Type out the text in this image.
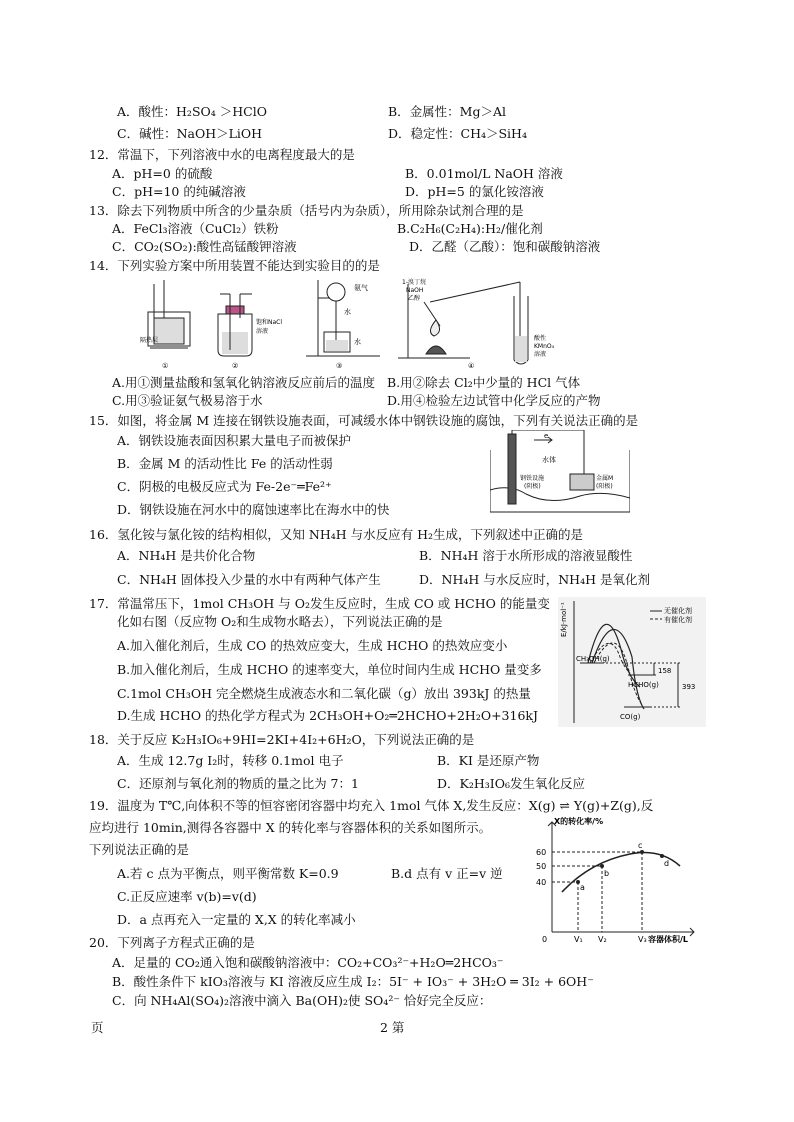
A．酸性：H₂SO₄ ＞HClO	B．金属性：Mg＞Al
C．碱性：NaOH＞LiOH	D．稳定性：CH₄＞SiH₄
12．常温下，下列溶液中水的电离程度最大的是
A．pH=0 的硫酸	B．0.01mol/L NaOH 溶液
C．pH=10 的纯碱溶液	D．pH=5 的氯化铵溶液
13．除去下列物质中所含的少量杂质（括号内为杂质），所用除杂试剂合理的是
A．FeCl₃溶液（CuCl₂）铁粉	B.C₂H₆(C₂H₄):H₂/催化剂
C．CO₂(SO₂):酸性高锰酸钾溶液	D．乙醛（乙酸）：饱和碳酸钠溶液
14．下列实验方案中所用装置不能达到实验目的的是
隔热层
①
饱和NaCl
溶液
②
氨气
水
水
③
1-溴丁烷
NaOH
乙醇
酸性
KMnO₄
溶液
④
A.用①测量盐酸和氢氧化钠溶液反应前后的温度 B.用②除去 Cl₂中少量的 HCl 气体
C.用③验证氨气极易溶于水	D.用④检验左边试管中化学反应的产物
15．如图，将金属 M 连接在钢铁设施表面，可减缓水体中钢铁设施的腐蚀，下列有关说法正确的是
A．钢铁设施表面因积累大量电子而被保护
B．金属 M 的活动性比 Fe 的活动性弱
C．阴极的电极反应式为 Fe-2e⁻═Fe²⁺
D．钢铁设施在河水中的腐蚀速率比在海水中的快
e
水体
钢铁设施
(阴极)
金属M
(阳极)
16．氢化铵与氯化铵的结构相似，又知 NH₄H 与水反应有 H₂生成，下列叙述中正确的是
A．NH₄H 是共价化合物	B．NH₄H 溶于水所形成的溶液显酸性
C．NH₄H 固体投入少量的水中有两种气体产生	D．NH₄H 与水反应时，NH₄H 是氧化剂
17．常温常压下，1mol CH₃OH 与 O₂发生反应时，生成 CO 或 HCHO 的能量变
化如右图（反应物 O₂和生成物水略去），下列说法正确的是
A.加入催化剂后，生成 CO 的热效应变大，生成 HCHO 的热效应变小
B.加入催化剂后，生成 HCHO 的速率变大，单位时间内生成 HCHO 量变多
C.1mol CH₃OH 完全燃烧生成液态水和二氧化碳（g）放出 393kJ 的热量
D.生成 HCHO 的热化学方程式为 2CH₃OH+O₂═2HCHO+2H₂O+316kJ
E/kJ·mol⁻¹	无催化剂
有催化剂
CH₃OH(g)
HCHO(g)
CO(g)
158
393
18．关于反应 K₂H₃IO₆+9HI=2KI+4I₂+6H₂O，下列说法正确的是
A．生成 12.7g I₂时，转移 0.1mol 电子	B．KI 是还原产物
C．还原剂与氧化剂的物质的量之比为 7：1	D．K₂H₃IO₆发生氧化反应
19．温度为 T℃,向体积不等的恒容密闭容器中均充入 1mol 气体 X,发生反应：X(g) ⇌ Y(g)+Z(g),反
应均进行 10min,测得各容器中 X 的转化率与容器体积的关系如图所示。
下列说法正确的是
A.若 c 点为平衡点，则平衡常数 K=0.9	B.d 点有 v 正=v 逆
C.正反应速率 v(b)=v(d)
D．a 点再充入一定量的 X,X 的转化率减小
X的转化率/%
容器体积/L
60
50
40
0	V₁ V₂	V₃
a
b
c
d
20．下列离子方程式正确的是
A．足量的 CO₂通入饱和碳酸钠溶液中：CO₂+CO₃²⁻+H₂O═2HCO₃⁻
B．酸性条件下 kIO₃溶液与 KI 溶液反应生成 I₂：5I⁻ + IO₃⁻ + 3H₂O ═ 3I₂ + 6OH⁻
C．向 NH₄Al(SO₄)₂溶液中滴入 Ba(OH)₂使 SO₄²⁻ 恰好完全反应：
页	2 第
